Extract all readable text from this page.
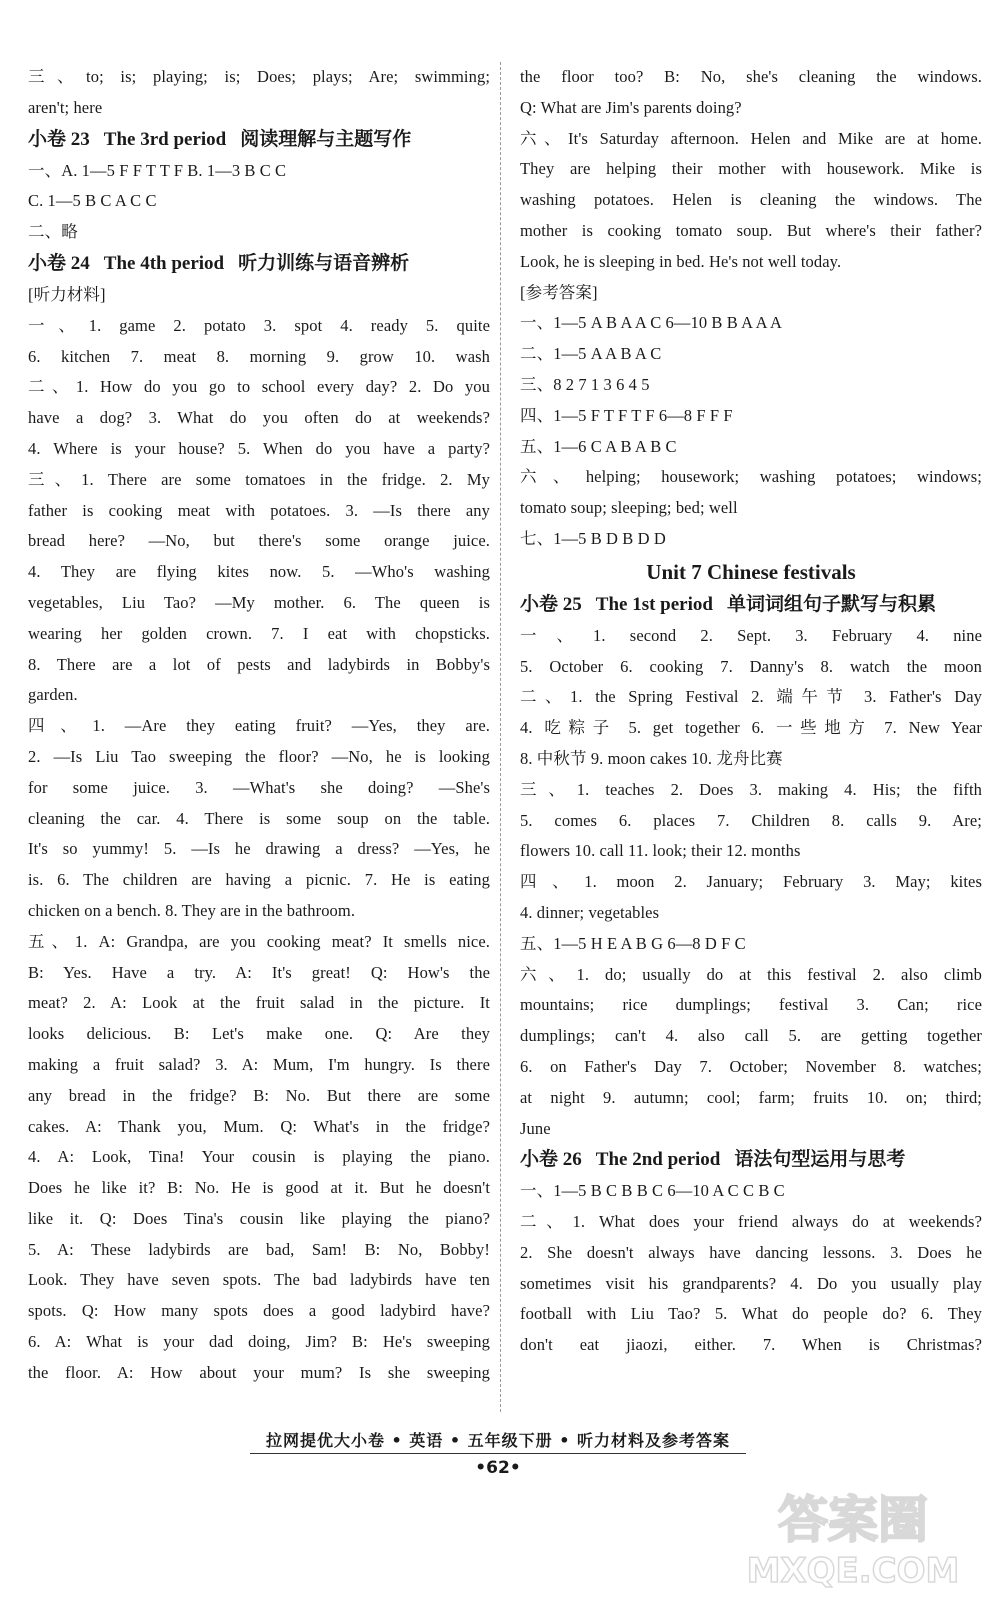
三、to; is; playing; is; Does; plays; Are; swimming;
aren't; here
小卷 23 The 3rd period 阅读理解与主题写作
一、A. 1—5 F F T T F B. 1—3 B C C
C. 1—5 B C A C C
二、略
小卷 24 The 4th period 听力训练与语音辨析
[听力材料]
一、1. game 2. potato 3. spot 4. ready 5. quite
6. kitchen 7. meat 8. morning 9. grow 10. wash
二、1. How do you go to school every day? 2. Do you
have a dog? 3. What do you often do at weekends?
4. Where is your house? 5. When do you have a party?
三、1. There are some tomatoes in the fridge. 2. My
father is cooking meat with potatoes. 3. —Is there any
bread here? —No, but there's some orange juice.
4. They are flying kites now. 5. —Who's washing
vegetables, Liu Tao? —My mother. 6. The queen is
wearing her golden crown. 7. I eat with chopsticks.
8. There are a lot of pests and ladybirds in Bobby's
garden.
四、1. —Are they eating fruit? —Yes, they are.
2. —Is Liu Tao sweeping the floor? —No, he is looking
for some juice. 3. —What's she doing? —She's
cleaning the car. 4. There is some soup on the table.
It's so yummy! 5. —Is he drawing a dress? —Yes, he
is. 6. The children are having a picnic. 7. He is eating
chicken on a bench. 8. They are in the bathroom.
五、1. A: Grandpa, are you cooking meat? It smells nice.
B: Yes. Have a try. A: It's great! Q: How's the
meat? 2. A: Look at the fruit salad in the picture. It
looks delicious. B: Let's make one. Q: Are they
making a fruit salad? 3. A: Mum, I'm hungry. Is there
any bread in the fridge? B: No. But there are some
cakes. A: Thank you, Mum. Q: What's in the fridge?
4. A: Look, Tina! Your cousin is playing the piano.
Does he like it? B: No. He is good at it. But he doesn't
like it. Q: Does Tina's cousin like playing the piano?
5. A: These ladybirds are bad, Sam! B: No, Bobby!
Look. They have seven spots. The bad ladybirds have ten
spots. Q: How many spots does a good ladybird have?
6. A: What is your dad doing, Jim? B: He's sweeping
the floor. A: How about your mum? Is she sweeping
the floor too? B: No, she's cleaning the windows.
Q: What are Jim's parents doing?
六、It's Saturday afternoon. Helen and Mike are at home.
They are helping their mother with housework. Mike is
washing potatoes. Helen is cleaning the windows. The
mother is cooking tomato soup. But where's their father?
Look, he is sleeping in bed. He's not well today.
[参考答案]
一、1—5 A B A A C 6—10 B B A A A
二、1—5 A A B A C
三、8 2 7 1 3 6 4 5
四、1—5 F T F T F 6—8 F F F
五、1—6 C A B A B C
六、helping; housework; washing potatoes; windows;
tomato soup; sleeping; bed; well
七、1—5 B D B D D
Unit 7 Chinese festivals
小卷 25 The 1st period 单词词组句子默写与积累
一、1. second 2. Sept. 3. February 4. nine
5. October 6. cooking 7. Danny's 8. watch the moon
二、1. the Spring Festival 2. 端午节 3. Father's Day
4. 吃粽子 5. get together 6. 一些地方 7. New Year
8. 中秋节 9. moon cakes 10. 龙舟比赛
三、1. teaches 2. Does 3. making 4. His; the fifth
5. comes 6. places 7. Children 8. calls 9. Are;
flowers 10. call 11. look; their 12. months
四、1. moon 2. January; February 3. May; kites
4. dinner; vegetables
五、1—5 H E A B G 6—8 D F C
六、1. do; usually do at this festival 2. also climb
mountains; rice dumplings; festival 3. Can; rice
dumplings; can't 4. also call 5. are getting together
6. on Father's Day 7. October; November 8. watches;
at night 9. autumn; cool; farm; fruits 10. on; third;
June
小卷 26 The 2nd period 语法句型运用与思考
一、1—5 B C B B C 6—10 A C C B C
二、1. What does your friend always do at weekends?
2. She doesn't always have dancing lessons. 3. Does he
sometimes visit his grandparents? 4. Do you usually play
football with Liu Tao? 5. What do people do? 6. They
don't eat jiaozi, either. 7. When is Christmas?
拉网提优大小卷 • 英语 • 五年级下册 • 听力材料及参考答案
•62•
答案圈
MXQE.COM
